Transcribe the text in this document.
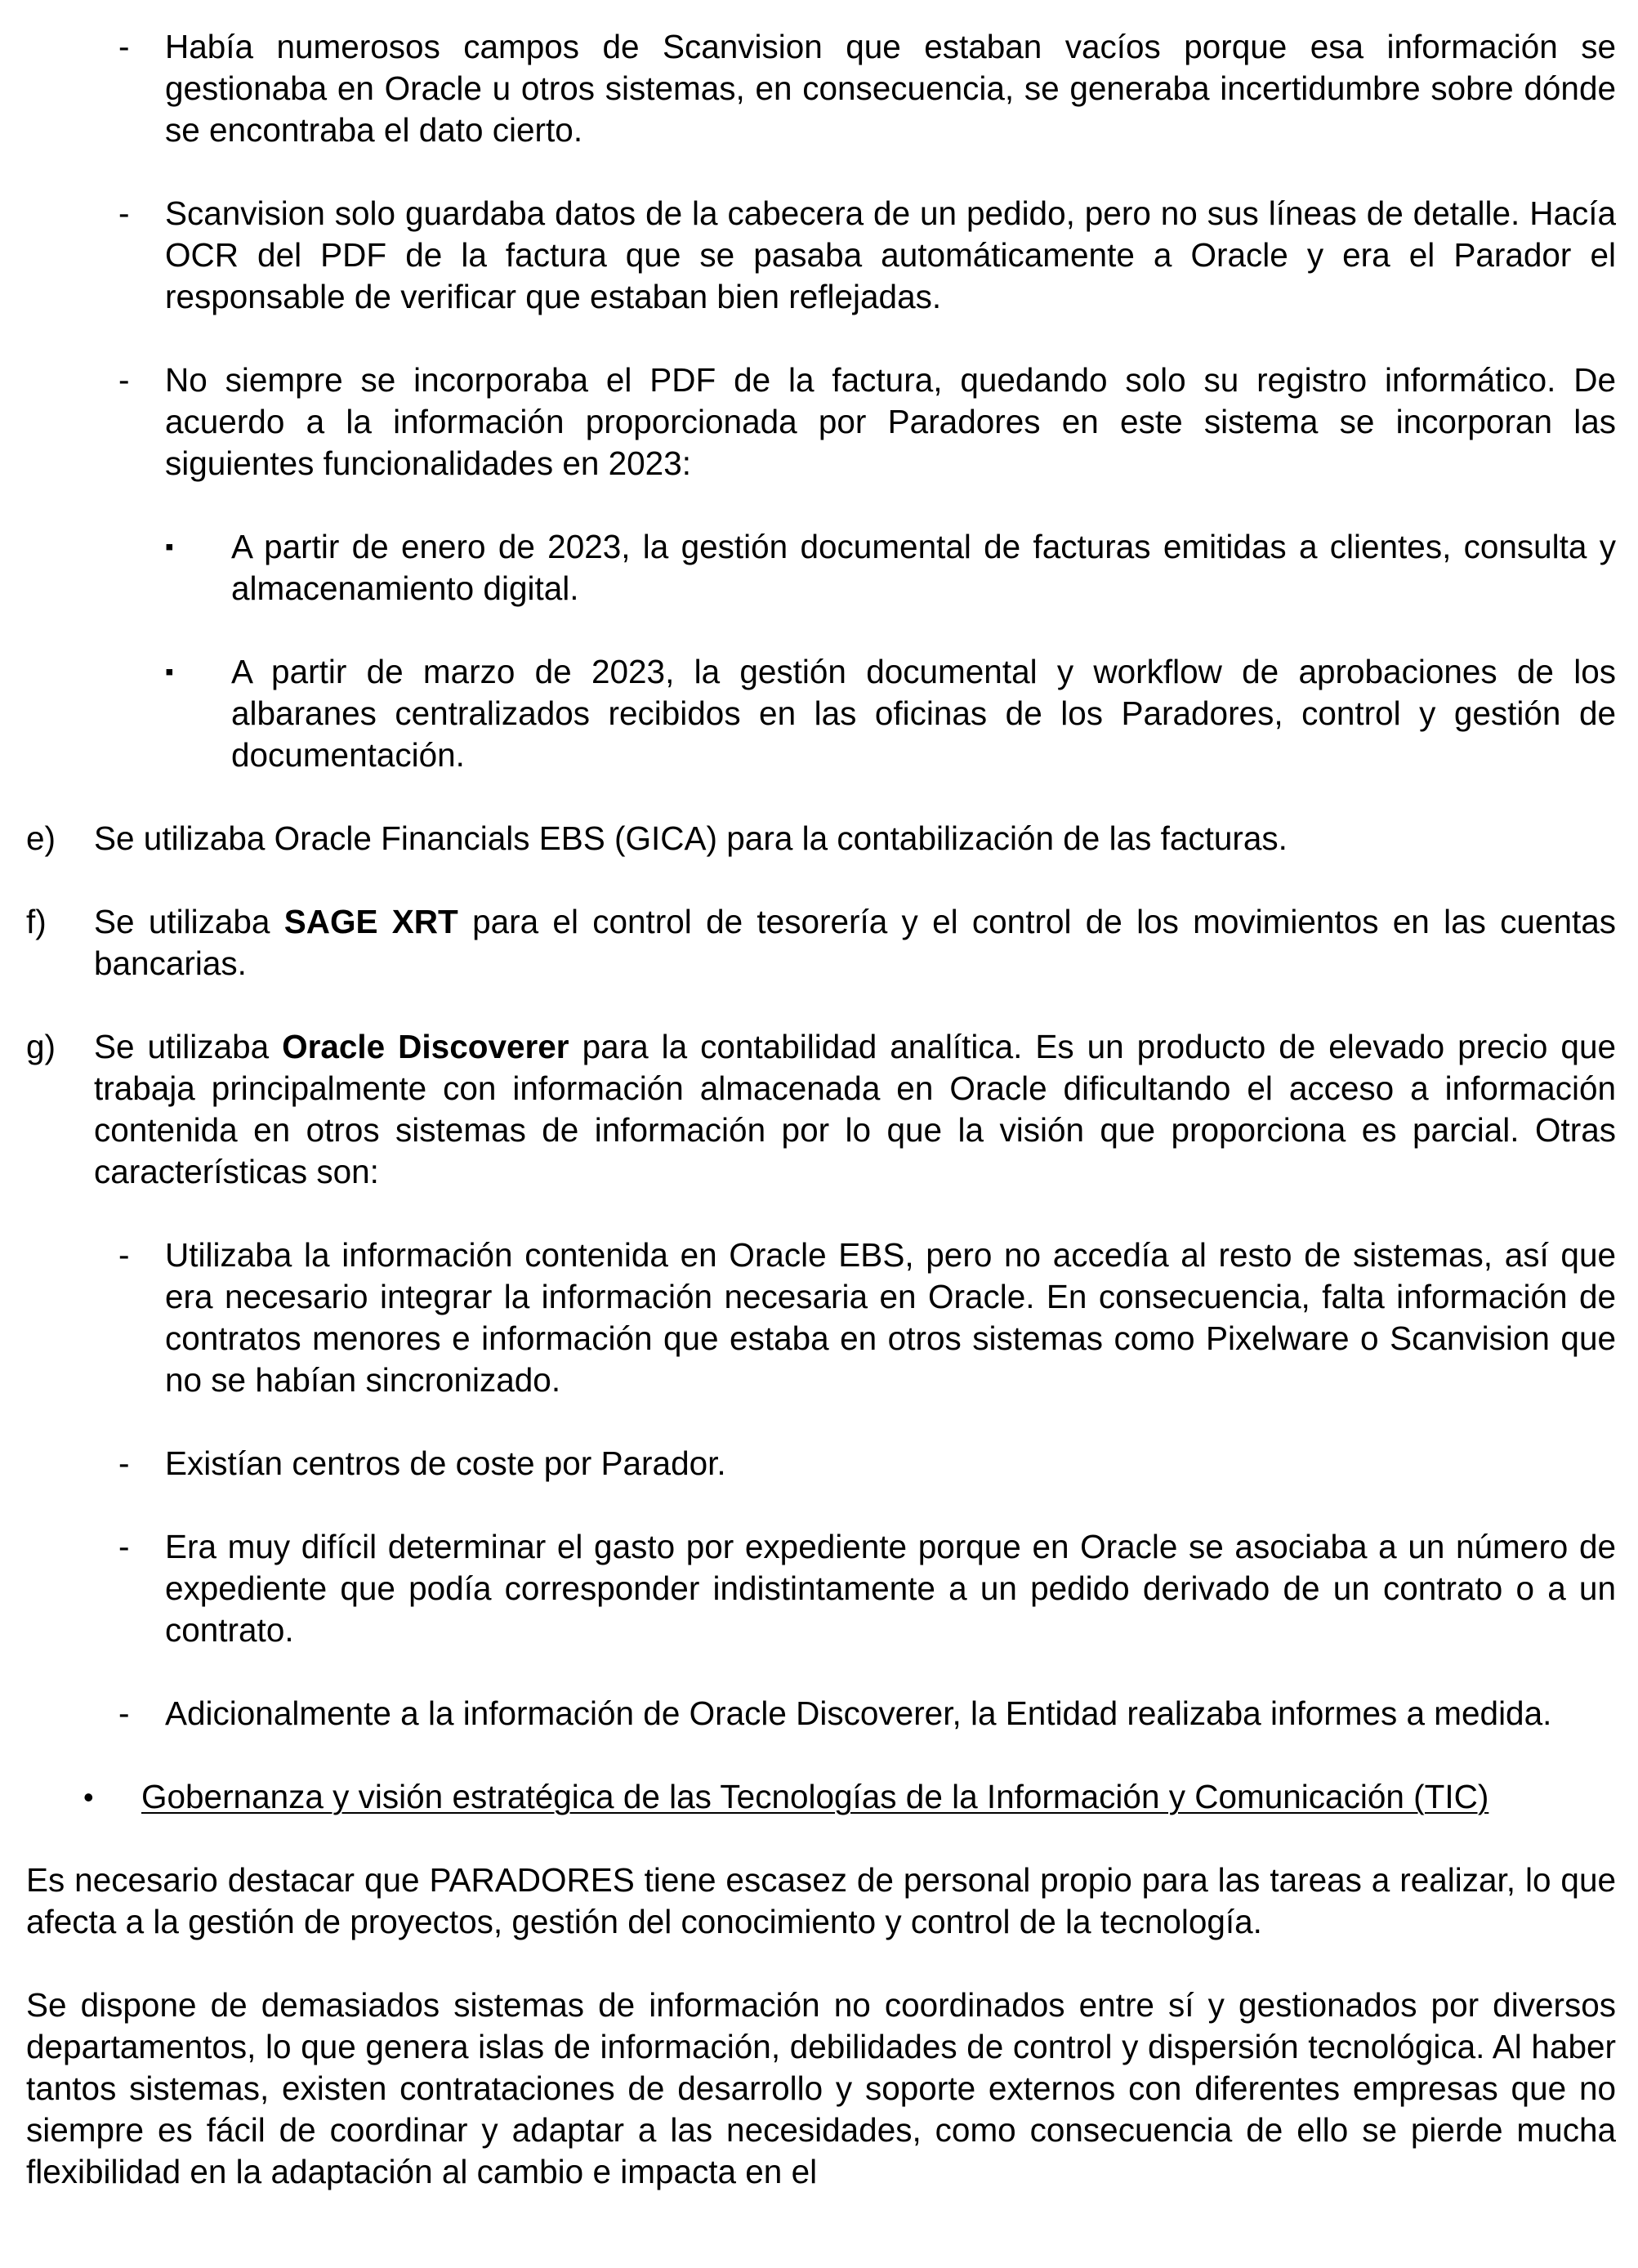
- Había numerosos campos de Scanvision que estaban vacíos porque esa información se gestionaba en Oracle u otros sistemas, en consecuencia, se generaba incertidumbre sobre dónde se encontraba el dato cierto.

- Scanvision solo guardaba datos de la cabecera de un pedido, pero no sus líneas de detalle. Hacía OCR del PDF de la factura que se pasaba automáticamente a Oracle y era el Parador el responsable de verificar que estaban bien reflejadas.

- No siempre se incorporaba el PDF de la factura, quedando solo su registro informático. De acuerdo a la información proporcionada por Paradores en este sistema se incorporan las siguientes funcionalidades en 2023:

▪ A partir de enero de 2023, la gestión documental de facturas emitidas a clientes, consulta y almacenamiento digital.

▪ A partir de marzo de 2023, la gestión documental y workflow de aprobaciones de los albaranes centralizados recibidos en las oficinas de los Paradores, control y gestión de documentación.

e) Se utilizaba Oracle Financials EBS (GICA) para la contabilización de las facturas.

f) Se utilizaba SAGE XRT para el control de tesorería y el control de los movimientos en las cuentas bancarias.

g) Se utilizaba Oracle Discoverer para la contabilidad analítica. Es un producto de elevado precio que trabaja principalmente con información almacenada en Oracle dificultando el acceso a información contenida en otros sistemas de información por lo que la visión que proporciona es parcial. Otras características son:

- Utilizaba la información contenida en Oracle EBS, pero no accedía al resto de sistemas, así que era necesario integrar la información necesaria en Oracle. En consecuencia, falta información de contratos menores e información que estaba en otros sistemas como Pixelware o Scanvision que no se habían sincronizado.

- Existían centros de coste por Parador.

- Era muy difícil determinar el gasto por expediente porque en Oracle se asociaba a un número de expediente que podía corresponder indistintamente a un pedido derivado de un contrato o a un contrato.

- Adicionalmente a la información de Oracle Discoverer, la Entidad realizaba informes a medida.

• Gobernanza y visión estratégica de las Tecnologías de la Información y Comunicación (TIC)

Es necesario destacar que PARADORES tiene escasez de personal propio para las tareas a realizar, lo que afecta a la gestión de proyectos, gestión del conocimiento y control de la tecnología.

Se dispone de demasiados sistemas de información no coordinados entre sí y gestionados por diversos departamentos, lo que genera islas de información, debilidades de control y dispersión tecnológica. Al haber tantos sistemas, existen contrataciones de desarrollo y soporte externos con diferentes empresas que no siempre es fácil de coordinar y adaptar a las necesidades, como consecuencia de ello se pierde mucha flexibilidad en la adaptación al cambio e impacta en el
